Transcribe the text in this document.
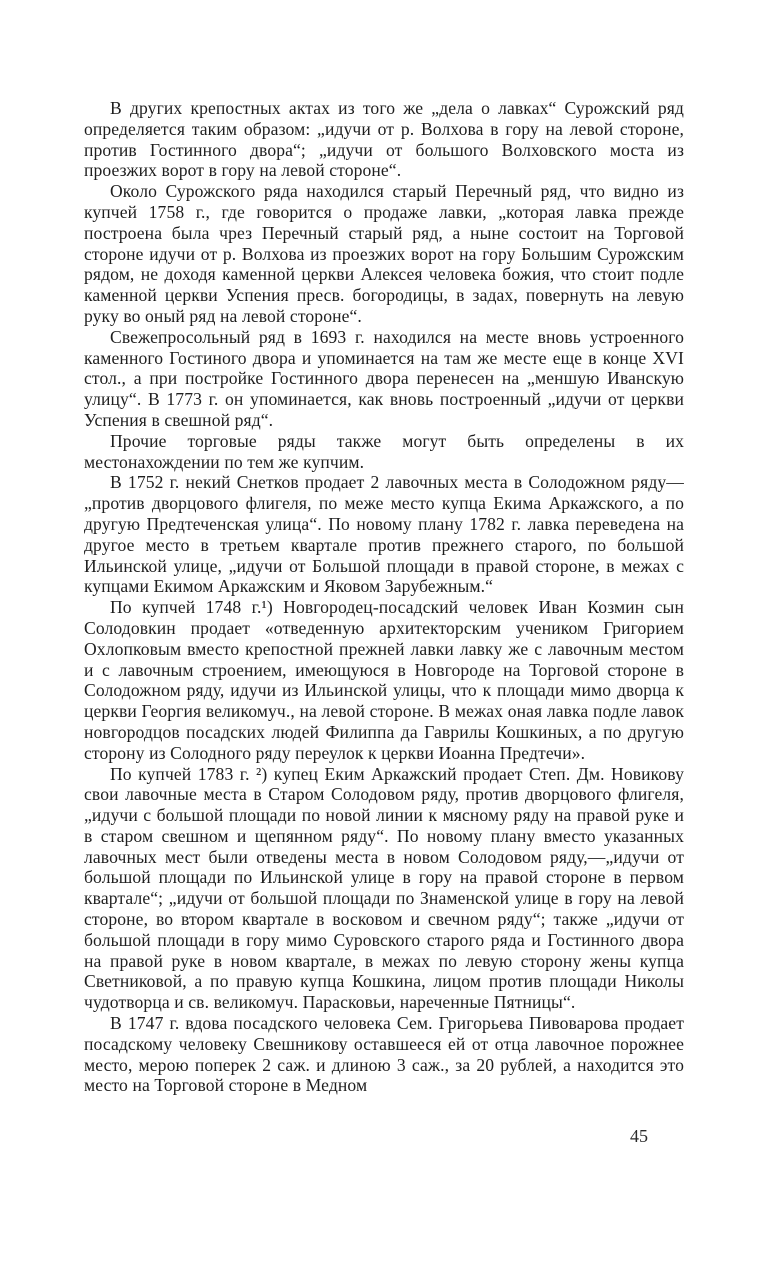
В других крепостных актах из того же „дела о лавках“ Сурожский ряд определяется таким образом: „идучи от р. Волхова в гору на левой стороне, против Гостинного двора“; „идучи от большого Волховского моста из проезжих ворот в гору на левой стороне“.

Около Сурожского ряда находился старый Перечный ряд, что видно из купчей 1758 г., где говорится о продаже лавки, „которая лавка прежде построена была чрез Перечный старый ряд, а ныне состоит на Торговой стороне идучи от р. Волхова из проезжих ворот на гору Большим Сурожским рядом, не доходя каменной церкви Алексея человека божия, что стоит подле каменной церкви Успения пресв. богородицы, в задах, повернуть на левую руку во оный ряд на левой стороне“.

Свежепросольный ряд в 1693 г. находился на месте вновь устроенного каменного Гостиного двора и упоминается на там же месте еще в конце XVI стол., а при постройке Гостинного двора перенесен на „меншую Иванскую улицу“. В 1773 г. он упоминается, как вновь построенный „идучи от церкви Успения в свешной ряд“.

Прочие торговые ряды также могут быть определены в их местонахождении по тем же купчим.

В 1752 г. некий Снетков продает 2 лавочных места в Солодожном ряду—„против дворцового флигеля, по меже место купца Екима Аркажского, а по другую Предтеченская улица“. По новому плану 1782 г. лавка переведена на другое место в третьем квартале против прежнего старого, по большой Ильинской улице, „идучи от Большой площади в правой стороне, в межах с купцами Екимом Аркажским и Яковом Зарубежным.“

По купчей 1748 г.¹) Новгородец-посадский человек Иван Козмин сын Солодовкин продает «отведенную архитекторским учеником Григорием Охлопковым вместо крепостной прежней лавки лавку же с лавочным местом и с лавочным строением, имеющуюся в Новгороде на Торговой стороне в Солодожном ряду, идучи из Ильинской улицы, что к площади мимо дворца к церкви Георгия великомуч., на левой стороне. В межах оная лавка подле лавок новгородцов посадских людей Филиппа да Гаврилы Кошкиных, а по другую сторону из Солодного ряду переулок к церкви Иоанна Предтечи».

По купчей 1783 г. ²) купец Еким Аркажский продает Степ. Дм. Новикову свои лавочные места в Старом Солодовом ряду, против дворцового флигеля, „идучи с большой площади по новой линии к мясному ряду на правой руке и в старом свешном и щепянном ряду“. По новому плану вместо указанных лавочных мест были отведены места в новом Солодовом ряду,—„идучи от большой площади по Ильинской улице в гору на правой стороне в первом квартале“; „идучи от большой площади по Знаменской улице в гору на левой стороне, во втором квартале в восковом и свечном ряду“; также „идучи от большой площади в гору мимо Суровского старого ряда и Гостинного двора на правой руке в новом квартале, в межах по левую сторону жены купца Светниковой, а по правую купца Кошкина, лицом против площади Николы чудотворца и св. великомуч. Парасковьи, нареченные Пятницы“.

В 1747 г. вдова посадского человека Сем. Григорьева Пивоварова продает посадскому человеку Свешникову оставшееся ей от отца лавочное порожнее место, мерою поперек 2 саж. и длиною 3 саж., за 20 рублей, а находится это место на Торговой стороне в Медном

45
